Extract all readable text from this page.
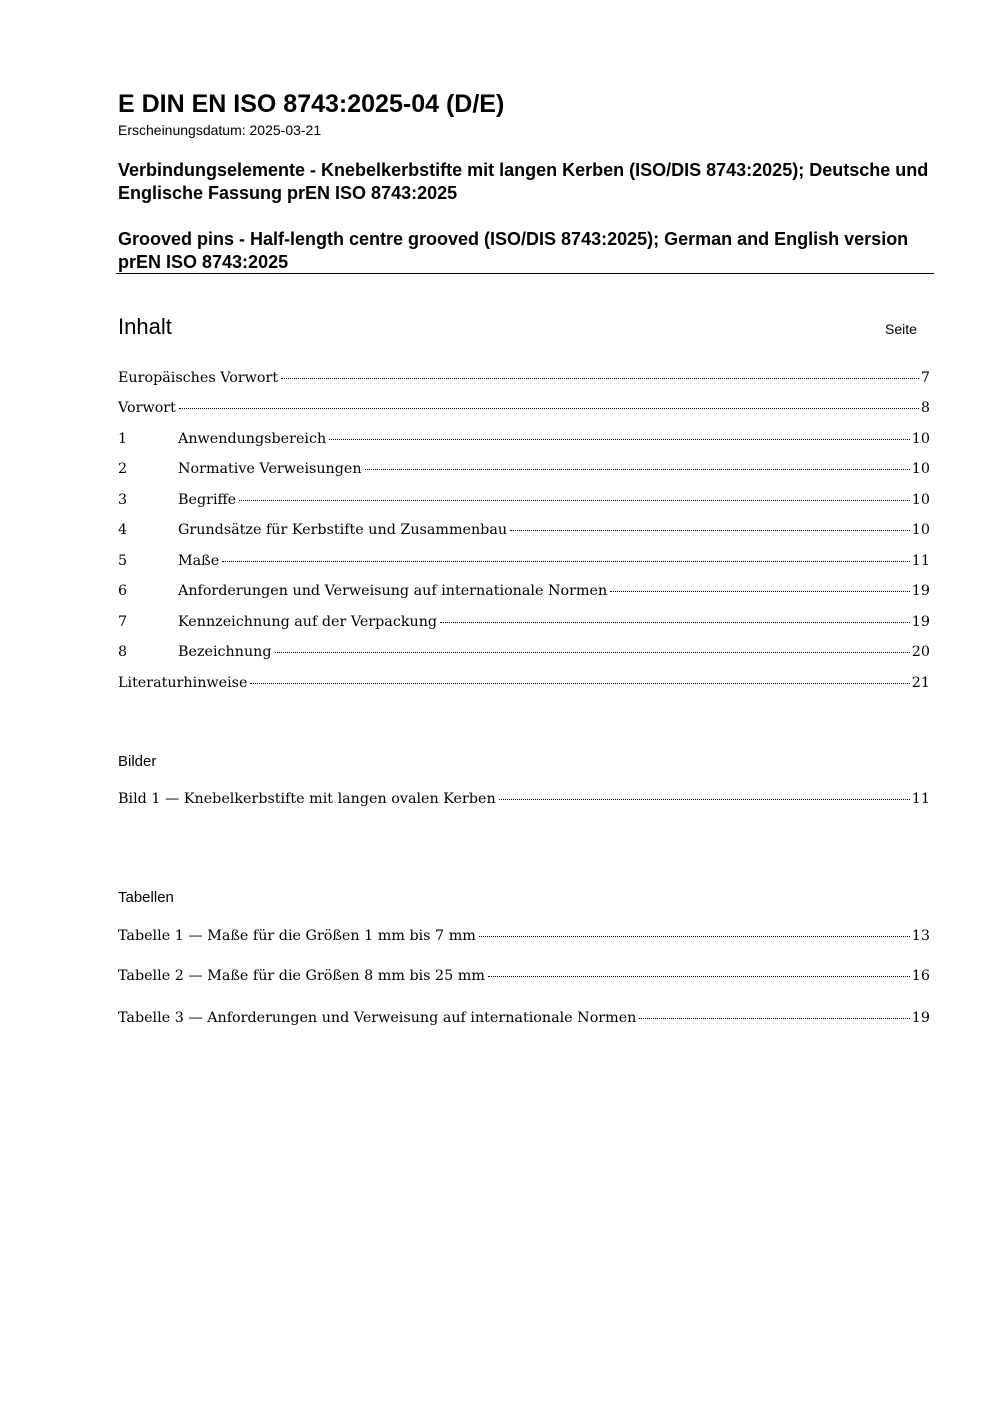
E DIN EN ISO 8743:2025-04 (D/E)
Erscheinungsdatum: 2025-03-21
Verbindungselemente - Knebelkerbstifte mit langen Kerben (ISO/DIS 8743:2025); Deutsche und Englische Fassung prEN ISO 8743:2025
Grooved pins - Half-length centre grooved (ISO/DIS 8743:2025); German and English version prEN ISO 8743:2025
Inhalt	Seite
Europäisches Vorwort	7
Vorwort	8
1	Anwendungsbereich	10
2	Normative Verweisungen	10
3	Begriffe	10
4	Grundsätze für Kerbstifte und Zusammenbau	10
5	Maße	11
6	Anforderungen und Verweisung auf internationale Normen	19
7	Kennzeichnung auf der Verpackung	19
8	Bezeichnung	20
Literaturhinweise	21
Bilder
Bild 1 — Knebelkerbstifte mit langen ovalen Kerben	11
Tabellen
Tabelle 1 — Maße für die Größen 1 mm bis 7 mm	13
Tabelle 2 — Maße für die Größen 8 mm bis 25 mm	16
Tabelle 3 — Anforderungen und Verweisung auf internationale Normen	19
